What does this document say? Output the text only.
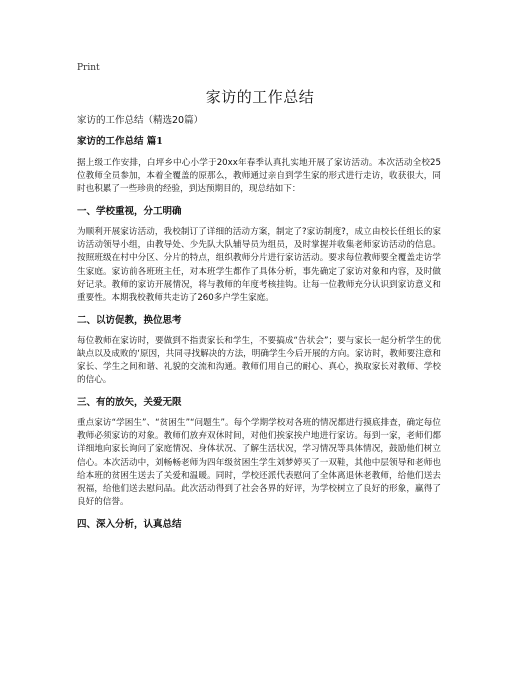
Print
家访的工作总结

家访的工作总结（精选20篇）

家访的工作总结 篇1

据上级工作安排，白坪乡中心小学于20xx年春季认真扎实地开展了家访活动。本次活动全校25位教师全员参加，本着全覆盖的原那么，教师通过亲自到学生家的形式进行走访，收获很大，同时也积累了一些珍贵的经验，到达预期目的，现总结如下：

一、学校重视，分工明确

为顺利开展家访活动，我校制订了详细的活动方案，制定了?家访制度?，成立由校长任组长的家访活动领导小组，由教导处、少先队大队辅导员为组员，及时掌握并收集老师家访活动的信息。按照班级在村中分区、分片的特点，组织教师分片进行家访活动。要求每位教师要全覆盖走访学生家庭。家访前各班班主任，对本班学生都作了具体分析，事先确定了家访对象和内容，及时做好记录。教师的家访开展情况，将与教师的年度考核挂钩。让每一位教师充分认识到家访意义和重要性。本期我校教师共走访了260多户学生家庭。

二、以访促教，换位思考

每位教师在家访时，要做到不指责家长和学生，不要搞成“告状会”；要与家长一起分析学生的优缺点以及成败的‘原因，共同寻找解决的方法，明确学生今后开展的方向。家访时，教师要注意和家长、学生之间和谐、礼貌的交流和沟通。教师们用自己的耐心、真心，换取家长对教师、学校的信心。

三、有的放矢，关爱无限

重点家访“学困生”、“贫困生”“问题生”。每个学期学校对各班的情况都进行摸底排查，确定每位教师必须家访的对象。教师们放弃双休时间，对他们挨家挨户地进行家访。每到一家，老师们都详细地向家长询问了家庭情况、身体状况、了解生活状况，学习情况等具体情况，鼓励他们树立信心。本次活动中，刘畅畅老师为四年级贫困生学生刘梦婷买了一双鞋，其他中层领导和老师也给本班的贫困生送去了关爱和温暖。同时，学校还派代表慰问了全体离退休老教师，给他们送去祝福，给他们送去慰问品。此次活动得到了社会各界的好评，为学校树立了良好的形象，赢得了良好的信誉。

四、深入分析，认真总结
